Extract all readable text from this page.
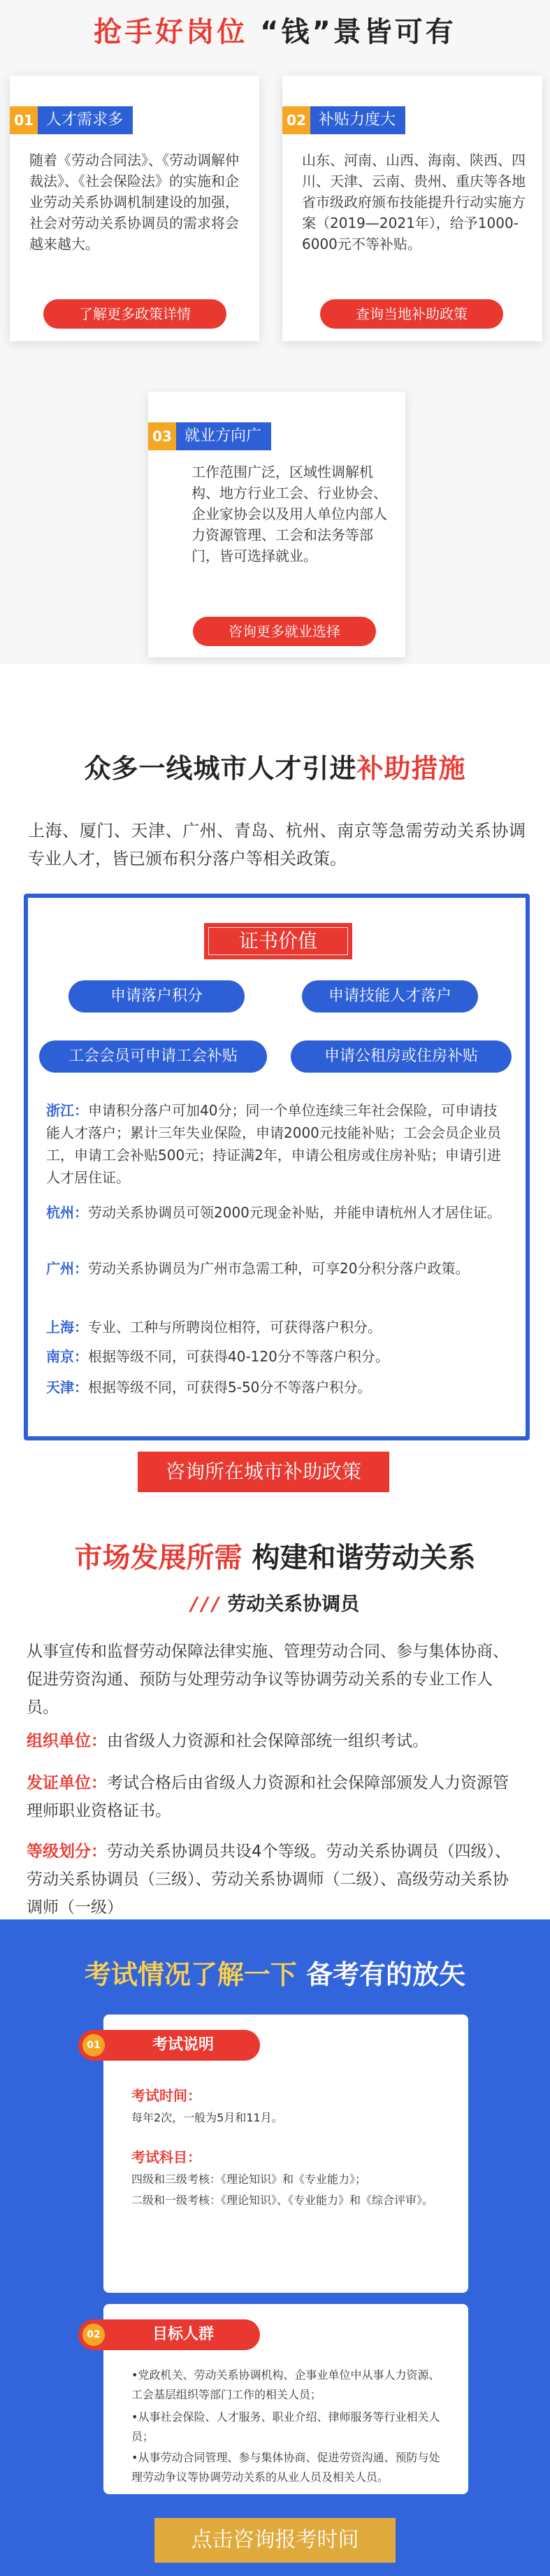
抢手好岗位 “钱”景皆可有
01 人才需求多
随着《劳动合同法》、《劳动调解仲裁法》、《社会保险法》的实施和企业劳动关系协调机制建设的加强，社会对劳动关系协调员的需求将会越来越大。
了解更多政策详情
02 补贴力度大
山东、河南、山西、海南、陕西、四川、天津、云南、贵州、重庆等各地省市级政府颁布技能提升行动实施方案（2019—2021年），给予1000-6000元不等补贴。
查询当地补助政策
03 就业方向广
工作范围广泛，区域性调解机构、地方行业工会、行业协会、企业家协会以及用人单位内部人力资源管理、工会和法务等部门，皆可选择就业。
咨询更多就业选择
众多一线城市人才引进补助措施
上海、厦门、天津、广州、青岛、杭州、南京等急需劳动关系协调专业人才，皆已颁布积分落户等相关政策。
证书价值
申请落户积分	申请技能人才落户
工会会员可申请工会补贴	申请公租房或住房补贴
浙江：申请积分落户可加40分；同一个单位连续三年社会保险，可申请技能人才落户；累计三年失业保险，申请2000元技能补贴；工会会员企业员工，申请工会补贴500元；持证满2年，申请公租房或住房补贴；申请引进人才居住证。
杭州：劳动关系协调员可领2000元现金补贴，并能申请杭州人才居住证。
广州：劳动关系协调员为广州市急需工种，可享20分积分落户政策。
上海：专业、工种与所聘岗位相符，可获得落户积分。
南京：根据等级不同，可获得40-120分不等落户积分。
天津：根据等级不同，可获得5-50分不等落户积分。
咨询所在城市补助政策
市场发展所需 构建和谐劳动关系
/ / / 劳动关系协调员
从事宣传和监督劳动保障法律实施、管理劳动合同、参与集体协商、促进劳资沟通、预防与处理劳动争议等协调劳动关系的专业工作人员。
组织单位：由省级人力资源和社会保障部统一组织考试。
发证单位：考试合格后由省级人力资源和社会保障部颁发人力资源管理师职业资格证书。
等级划分：劳动关系协调员共设4个等级。劳动关系协调员（四级）、劳动关系协调员（三级）、劳动关系协调师（二级）、高级劳动关系协调师（一级）
考试情况了解一下 备考有的放矢
01	考试说明
考试时间：
每年2次，一般为5月和11月。
考试科目：
四级和三级考核：《理论知识》和《专业能力》；
二级和一级考核：《理论知识》、《专业能力》和《综合评审》。
02	目标人群
•党政机关、劳动关系协调机构、企事业单位中从事人力资源、工会基层组织等部门工作的相关人员；
•从事社会保险、人才服务、职业介绍、律师服务等行业相关人员；
•从事劳动合同管理、参与集体协商、促进劳资沟通、预防与处理劳动争议等协调劳动关系的从业人员及相关人员。
点击咨询报考时间
